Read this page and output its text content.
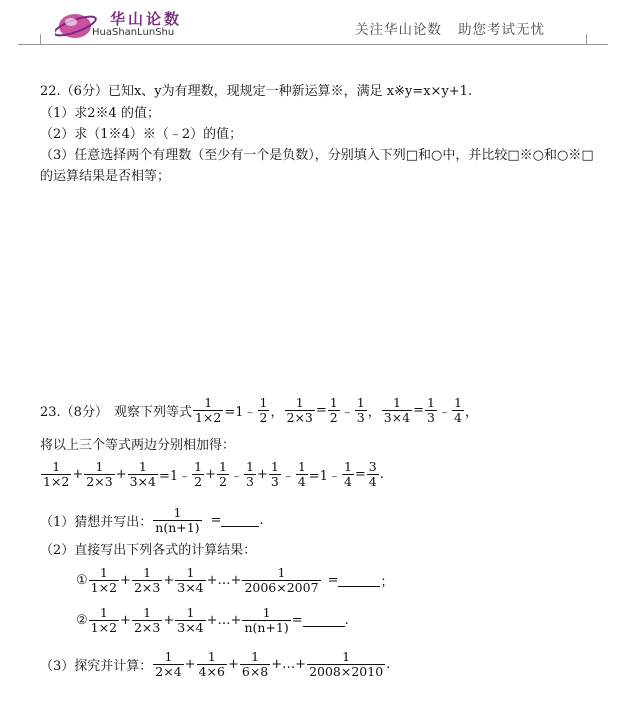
华山论数
HuaShanLunShu	关注华山论数 助您考试无忧
22.（6分）已知x、y为有理数，现规定一种新运算※，满足 x※y=x×y+1.
（1）求2※4 的值；
（2）求（1※4）※（﹣2）的值；
（3）任意选择两个有理数（至少有一个是负数），分别填入下列□和○中，并比较□※○和○※□
的运算结果是否相等；
23.（8分） 观察下列等式 $\frac{1}{1\times 2}$ =1﹣ $\frac{1}{2}$ ， $\frac{1}{2\times 3} = \frac{1}{2}$ ﹣ $\frac{1}{3}$ ， $\frac{1}{3\times 4} = \frac{1}{3}$ ﹣ $\frac{1}{4}$ ，
将以上三个等式两边分别相加得：
$\frac{1}{1\times 2} + \frac{1}{2\times 3} + \frac{1}{3\times 4}$ =1﹣ $\frac{1}{2} + \frac{1}{2}$ ﹣ $\frac{1}{3} + \frac{1}{3}$ ﹣ $\frac{1}{4}$ =1﹣ $\frac{1}{4} = \frac{3}{4}$ .
（1）猜想并写出： $\frac{1}{n(n+1)}$ =	.
（2）直接写出下列各式的计算结果：
① $\frac{1}{1\times 2} + \frac{1}{2\times 3} + \frac{1}{3\times 4}$ +…+ $\frac{1}{2006\times 2007}$ =	；
② $\frac{1}{1\times 2} + \frac{1}{2\times 3} + \frac{1}{3\times 4}$ +…+ $\frac{1}{n(n+1)}$ =	.
（3）探究并计算： $\frac{1}{2\times 4} + \frac{1}{4\times 6} + \frac{1}{6\times 8}$ +…+ $\frac{1}{2008\times 2010}$ .
